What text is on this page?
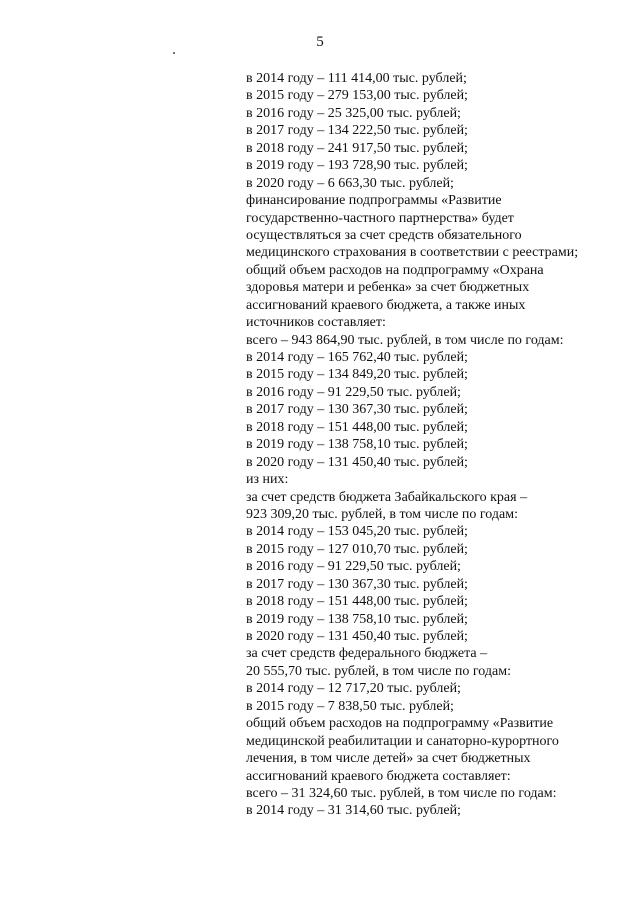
5
в 2014 году – 111 414,00 тыс. рублей;
в 2015 году – 279 153,00 тыс. рублей;
в 2016 году – 25 325,00 тыс. рублей;
в 2017 году – 134 222,50 тыс. рублей;
в 2018 году – 241 917,50 тыс. рублей;
в 2019 году – 193 728,90 тыс. рублей;
в 2020 году – 6 663,30 тыс. рублей;
финансирование подпрограммы «Развитие
государственно-частного партнерства» будет
осуществляться за счет средств обязательного
медицинского страхования в соответствии с реестрами;
общий объем расходов на подпрограмму «Охрана
здоровья матери и ребенка» за счет бюджетных
ассигнований краевого бюджета, а также иных
источников составляет:
всего – 943 864,90 тыс. рублей, в том числе по годам:
в 2014 году – 165 762,40 тыс. рублей;
в 2015 году – 134 849,20 тыс. рублей;
в 2016 году – 91 229,50 тыс. рублей;
в 2017 году – 130 367,30 тыс. рублей;
в 2018 году – 151 448,00 тыс. рублей;
в 2019 году – 138 758,10 тыс. рублей;
в 2020 году – 131 450,40 тыс. рублей;
из них:
за счет средств бюджета Забайкальского края –
923 309,20 тыс. рублей, в том числе по годам:
в 2014 году – 153 045,20 тыс. рублей;
в 2015 году – 127 010,70 тыс. рублей;
в 2016 году – 91 229,50 тыс. рублей;
в 2017 году – 130 367,30 тыс. рублей;
в 2018 году – 151 448,00 тыс. рублей;
в 2019 году – 138 758,10 тыс. рублей;
в 2020 году – 131 450,40 тыс. рублей;
за счет средств федерального бюджета –
20 555,70 тыс. рублей, в том числе по годам:
в 2014 году – 12 717,20 тыс. рублей;
в 2015 году – 7 838,50 тыс. рублей;
общий объем расходов на подпрограмму «Развитие
медицинской реабилитации и санаторно-курортного
лечения, в том числе детей» за счет бюджетных
ассигнований краевого бюджета составляет:
всего – 31 324,60 тыс. рублей, в том числе по годам:
в 2014 году – 31 314,60 тыс. рублей;
